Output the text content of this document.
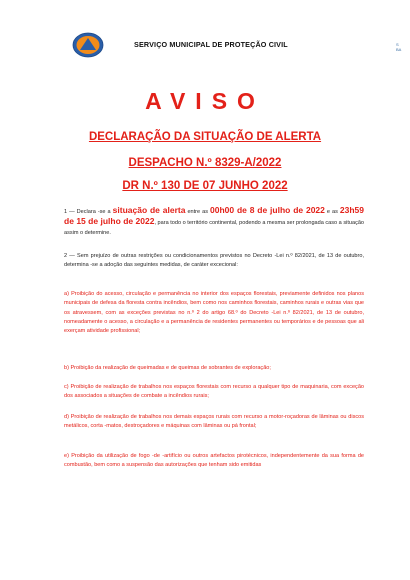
SERVIÇO MUNICIPAL DE PROTEÇÃO CIVIL	S
BA
AVISO
DECLARAÇÃO DA SITUAÇÃO DE ALERTA
DESPACHO N.º 8329-A/2022
DR N.º 130 DE 07 JUNHO 2022
1 — Declara -se a situação de alerta entre as 00h00 de 8 de julho de 2022 e as 23h59 de 15 de julho de 2022, para todo o território continental, podendo a mesma ser prolongada caso a situação assim o determine.
2 — Sem prejuízo de outras restrições ou condicionamentos previstos no Decreto -Lei n.º 82/2021, de 13 de outubro, determina -se a adoção das seguintes medidas, de caráter excecional:
a) Proibição do acesso, circulação e permanência no interior dos espaços florestais, previamente definidos nos planos municipais de defesa da floresta contra incêndios, bem como nos caminhos florestais, caminhos rurais e outras vias que os atravessem, com as exceções previstas no n.º 2 do artigo 68.º do Decreto -Lei n.º 82/2021, de 13 de outubro, nomeadamente o acesso, a circulação e a permanência de residentes permanentes ou temporários e de pessoas que ali exerçam atividade profissional;
b) Proibição da realização de queimadas e de queimas de sobrantes de exploração;
c) Proibição de realização de trabalhos nos espaços florestais com recurso a qualquer tipo de maquinaria, com exceção dos associados a situações de combate a incêndios rurais;
d) Proibição de realização de trabalhos nos demais espaços rurais com recurso a motor-roçadoras de lâminas ou discos metálicos, corta -matos, destroçadores e máquinas com lâminas ou pá frontal;
e) Proibição da utilização de fogo -de -artifício ou outros artefactos pirotécnicos, independentemente da sua forma de combustão, bem como a suspensão das autorizações que tenham sido emitidas
